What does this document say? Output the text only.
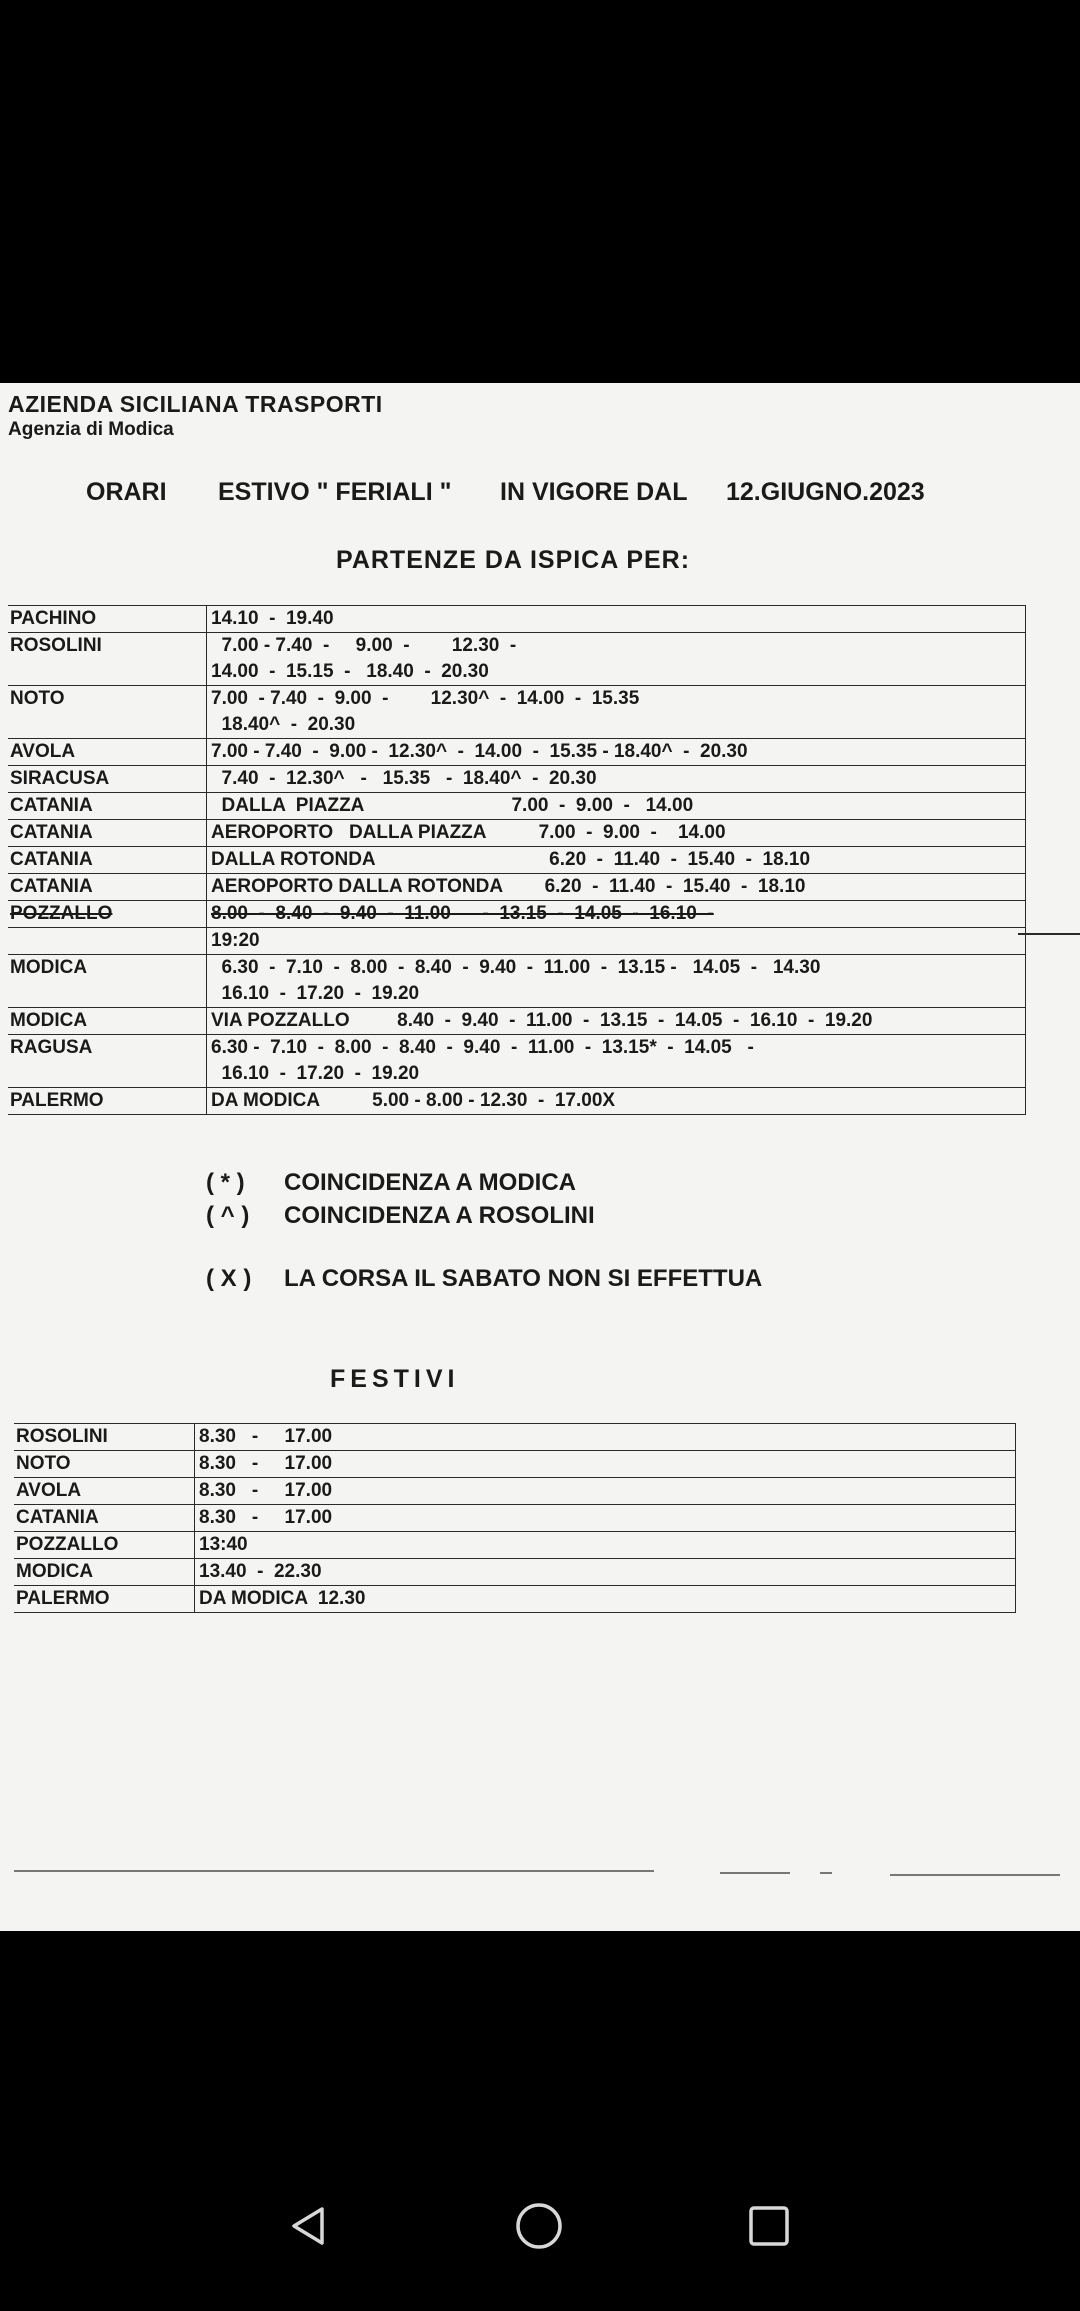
AZIENDA SICILIANA TRASPORTI
Agenzia di Modica
ORARI ESTIVO " FERIALI " IN VIGORE DAL 12.GIUGNO.2023
PARTENZE DA ISPICA PER:
PACHINO	14.10  -  19.40

ROSOLINI	7.00 - 7.40  -     9.00  -        12.30  -
14.00  -  15.15  -   18.40  -  20.30

NOTO	7.00  - 7.40  -  9.00  -        12.30^  -  14.00  -  15.35
18.40^  -  20.30

AVOLA	7.00 - 7.40  -  9.00 -  12.30^  -  14.00  -  15.35 - 18.40^  -  20.30

SIRACUSA	7.40  -  12.30^   -   15.35   -  18.40^  -  20.30

CATANIA	DALLA  PIAZZA                            7.00  -  9.00  -   14.00

CATANIA	AEROPORTO   DALLA PIAZZA          7.00  -  9.00  -    14.00

CATANIA	DALLA ROTONDA                                 6.20  -  11.40  -  15.40  -  18.10

CATANIA	AEROPORTO DALLA ROTONDA        6.20  -  11.40  -  15.40  -  18.10

POZZALLO	8.00  -  8.40  -  9.40  -  11.00      -  13.15  -  14.05  -  16.10  -

	19:20

MODICA	6.30  -  7.10  -  8.00  -  8.40  -  9.40  -  11.00  -  13.15 -   14.05  -   14.30
16.10  -  17.20  -  19.20

MODICA	VIA POZZALLO         8.40  -  9.40  -  11.00  -  13.15  -  14.05  -  16.10  -  19.20

RAGUSA	6.30 -  7.10  -  8.00  -  8.40  -  9.40  -  11.00  -  13.15*  -  14.05   -
16.10  -  17.20  -  19.20

PALERMO	DA MODICA          5.00 - 8.00 - 12.30  -  17.00X
( * ) COINCIDENZA A MODICA
( ^ ) COINCIDENZA A ROSOLINI
( X ) LA CORSA IL SABATO NON SI EFFETTUA
FESTIVI
ROSOLINI	8.30   -     17.00
NOTO	8.30   -     17.00
AVOLA	8.30   -     17.00
CATANIA	8.30   -     17.00
POZZALLO	13:40
MODICA	13.40  -  22.30
PALERMO	DA MODICA  12.30
